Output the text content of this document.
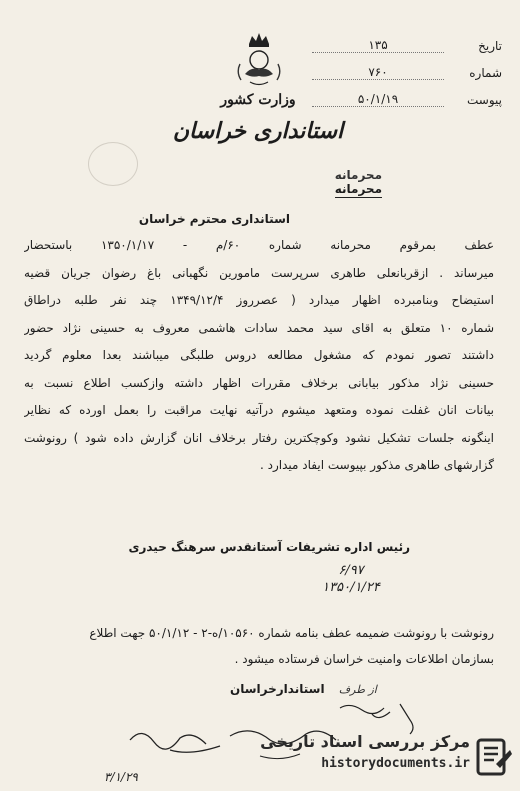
تاریخ
۱۳۵
شماره
۷۶۰
پیوست
۵۰/۱/۱۹
وزارت کشور
استانداری خراسان
محرمانه
محرمانه
استانداری محترم خراسان
عطف بمرقوم محرمانه شماره ۶۰/م - ۱۳۵۰/۱/۱۷ باستحضار
میرساند . ازقربانعلی طاهری سرپرست مامورین نگهبانی باغ رضوان جریان قضیه
استیضاح وبنامبرده اظهار میدارد ( عصرروز ۱۳۴۹/۱۲/۴ چند نفر طلبه دراطاق
شماره ۱۰ متعلق به اقای سید محمد سادات هاشمی معروف به حسینی نژاد حضور
داشتند تصور نمودم که مشغول مطالعه دروس طلبگی میباشند بعدا معلوم گردید
حسینی نژاد مذکور بیابانی برخلاف مقررات اظهار داشته وازکسب اطلاع نسبت به
بیانات انان غفلت نموده ومتعهد میشوم درآتیه نهایت مراقبت را بعمل اورده که نظایر
اینگونه جلسات تشکیل نشود وکوچکترین رفتار برخلاف انان گزارش داده شود ) رونوشت
گزارشهای طاهری مذکور بپیوست ایفاد میدارد .
رئیس اداره تشریفات آستانقدس سرهنگ حیدری
۶/۹۷
۱۳۵۰/۱/۲۴
رونوشت با رونوشت ضمیمه عطف بنامه شماره ۱۰۵۶۰/ه-۲ - ۵۰/۱/۱۲ جهت اطلاع
بسازمان اطلاعات وامنیت خراسان فرستاده میشود .
از طرف استاندارخراسان
مرکز بررسی اسناد تاریخی
historydocuments.ir
۳/۱/۲۹
